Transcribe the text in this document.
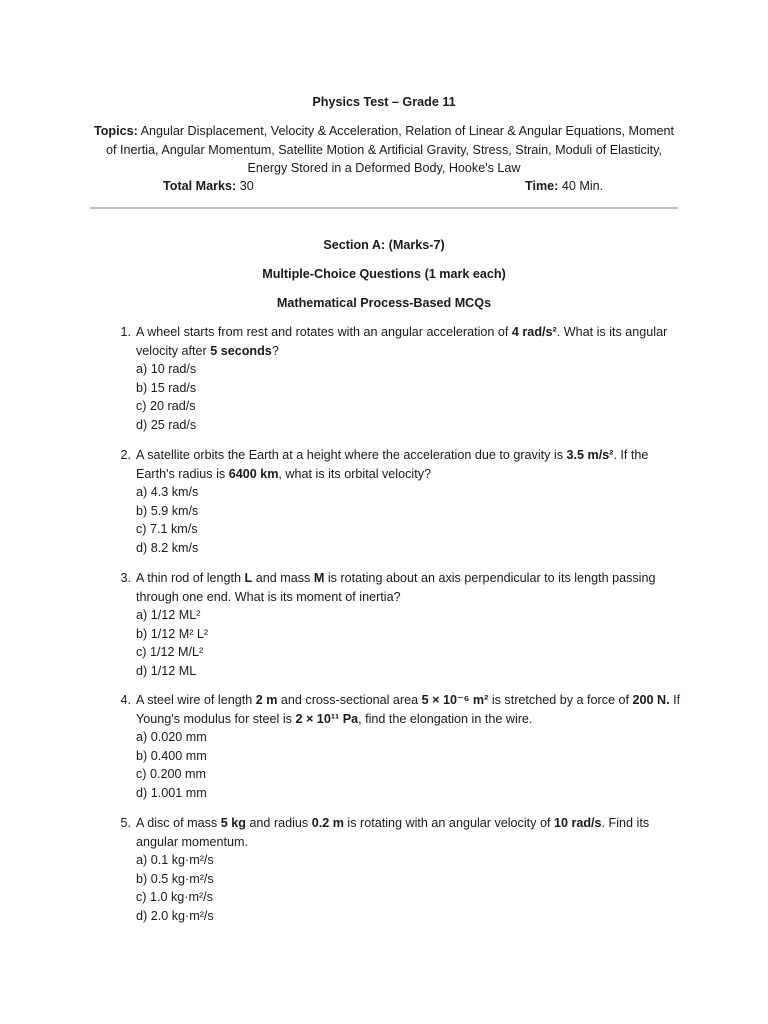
Physics Test – Grade 11
Topics: Angular Displacement, Velocity & Acceleration, Relation of Linear & Angular Equations, Moment of Inertia, Angular Momentum, Satellite Motion & Artificial Gravity, Stress, Strain, Moduli of Elasticity, Energy Stored in a Deformed Body, Hooke's Law
Total Marks: 30	Time: 40 Min.
Section A: (Marks-7)
Multiple-Choice Questions (1 mark each)
Mathematical Process-Based MCQs
1. A wheel starts from rest and rotates with an angular acceleration of 4 rad/s². What is its angular velocity after 5 seconds?
a) 10 rad/s
b) 15 rad/s
c) 20 rad/s
d) 25 rad/s
2. A satellite orbits the Earth at a height where the acceleration due to gravity is 3.5 m/s². If the Earth's radius is 6400 km, what is its orbital velocity?
a) 4.3 km/s
b) 5.9 km/s
c) 7.1 km/s
d) 8.2 km/s
3. A thin rod of length L and mass M is rotating about an axis perpendicular to its length passing through one end. What is its moment of inertia?
a) 1/12 ML²
b) 1/12 M² L²
c) 1/12 M/L²
d) 1/12 ML
4. A steel wire of length 2 m and cross-sectional area 5 × 10⁻⁶ m² is stretched by a force of 200 N. If Young's modulus for steel is 2 × 10¹¹ Pa, find the elongation in the wire.
a) 0.020 mm
b) 0.400 mm
c) 0.200 mm
d) 1.001 mm
5. A disc of mass 5 kg and radius 0.2 m is rotating with an angular velocity of 10 rad/s. Find its angular momentum.
a) 0.1 kg·m²/s
b) 0.5 kg·m²/s
c) 1.0 kg·m²/s
d) 2.0 kg·m²/s
